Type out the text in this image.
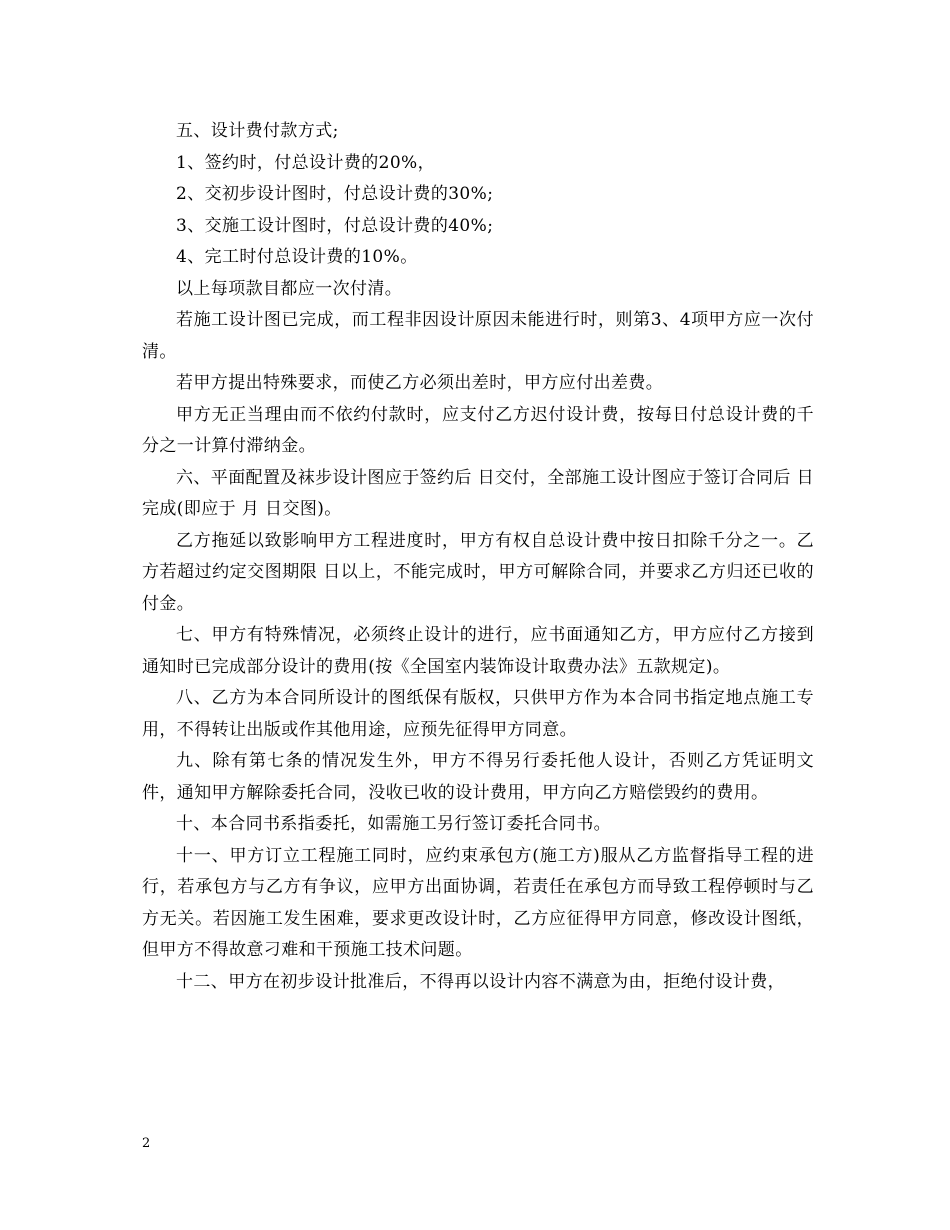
五、设计费付款方式;

1、签约时，付总设计费的20%，

2、交初步设计图时，付总设计费的30%;

3、交施工设计图时，付总设计费的40%;

4、完工时付总设计费的10%。

以上每项款目都应一次付清。

若施工设计图已完成，而工程非因设计原因未能进行时，则第3、4项甲方应一次付清。

若甲方提出特殊要求，而使乙方必须出差时，甲方应付出差费。

甲方无正当理由而不依约付款时，应支付乙方迟付设计费，按每日付总设计费的千分之一计算付滞纳金。

六、平面配置及袜步设计图应于签约后 日交付，全部施工设计图应于签订合同后 日完成(即应于 月 日交图)。

乙方拖延以致影响甲方工程进度时，甲方有权自总设计费中按日扣除千分之一。乙方若超过约定交图期限 日以上，不能完成时，甲方可解除合同，并要求乙方归还已收的付金。

七、甲方有特殊情况，必须终止设计的进行，应书面通知乙方，甲方应付乙方接到通知时已完成部分设计的费用(按《全国室内装饰设计取费办法》五款规定)。

八、乙方为本合同所设计的图纸保有版权，只供甲方作为本合同书指定地点施工专用，不得转让出版或作其他用途，应预先征得甲方同意。

九、除有第七条的情况发生外，甲方不得另行委托他人设计，否则乙方凭证明文件，通知甲方解除委托合同，没收已收的设计费用，甲方向乙方赔偿毁约的费用。

十、本合同书系指委托，如需施工另行签订委托合同书。

十一、甲方订立工程施工同时，应约束承包方(施工方)服从乙方监督指导工程的进行，若承包方与乙方有争议，应甲方出面协调，若责任在承包方而导致工程停顿时与乙方无关。若因施工发生困难，要求更改设计时，乙方应征得甲方同意，修改设计图纸，但甲方不得故意刁难和干预施工技术问题。

十二、甲方在初步设计批准后，不得再以设计内容不满意为由，拒绝付设计费，

2
